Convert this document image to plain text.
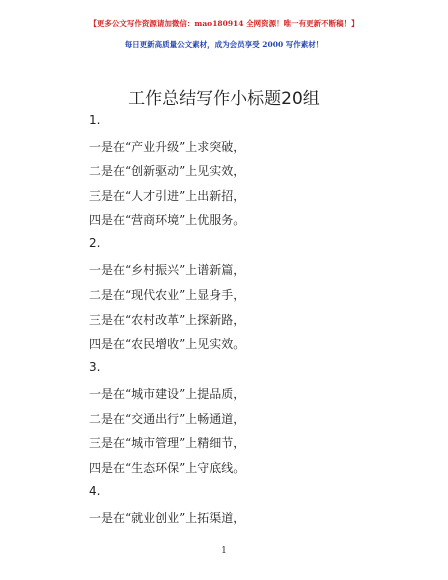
【更多公文写作资源请加微信：mao180914 全网资源！唯一有更新不断稿！】
每日更新高质量公文素材，成为会员享受 2000 写作素材！
工作总结写作小标题20组
1.
一是在“产业升级”上求突破，
二是在“创新驱动”上见实效，
三是在“人才引进”上出新招，
四是在“营商环境”上优服务。
2.
一是在“乡村振兴”上谱新篇，
二是在“现代农业”上显身手，
三是在“农村改革”上探新路，
四是在“农民增收”上见实效。
3.
一是在“城市建设”上提品质，
二是在“交通出行”上畅通道，
三是在“城市管理”上精细节，
四是在“生态环保”上守底线。
4.
一是在“就业创业”上拓渠道，
1
